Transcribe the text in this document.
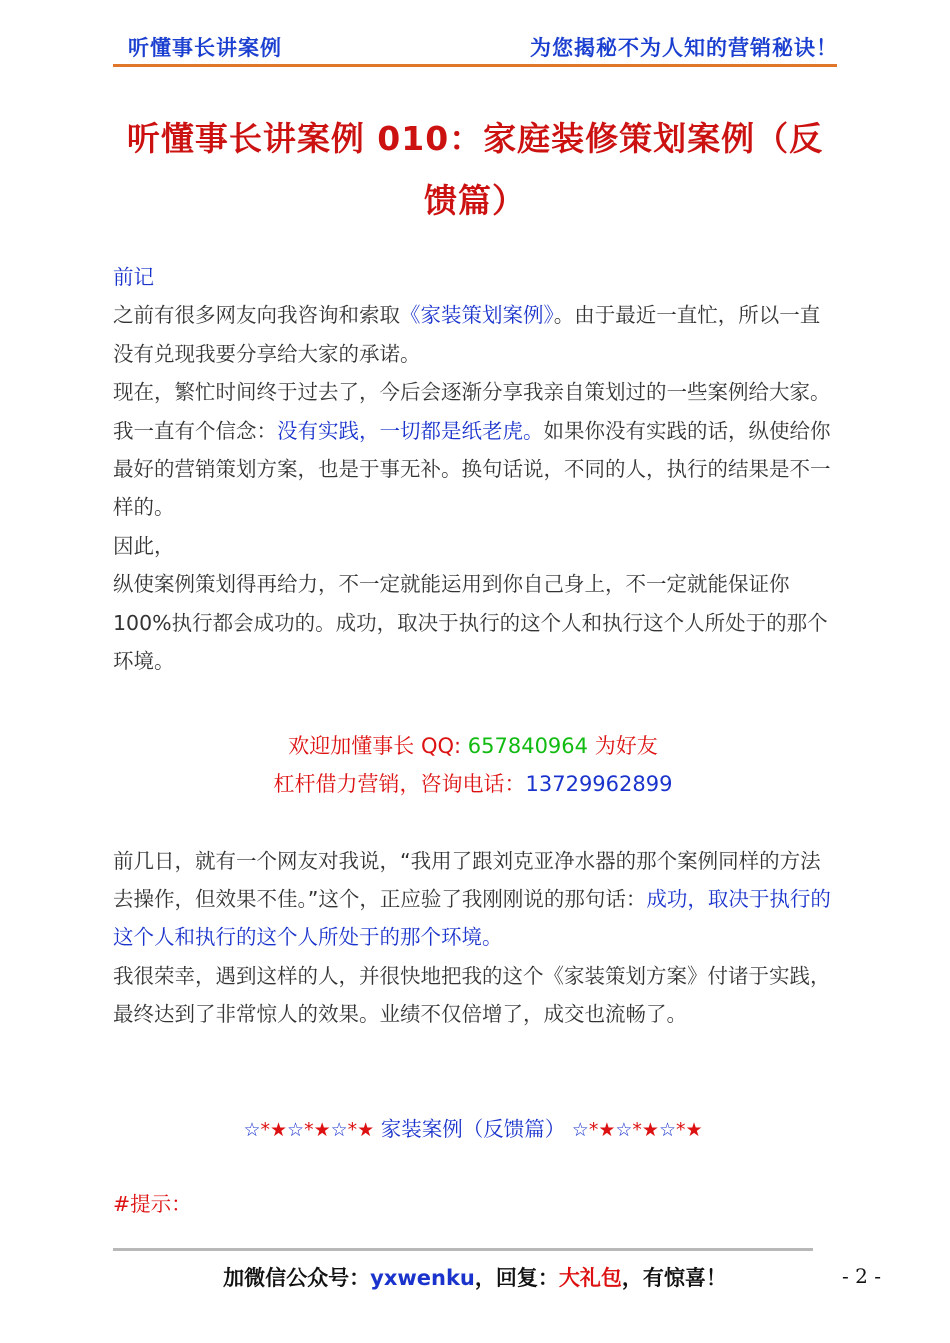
听懂事长讲案例	为您揭秘不为人知的营销秘诀！
听懂事长讲案例 010：家庭装修策划案例（反馈篇）

前记

之前有很多网友向我咨询和索取《家装策划案例》。由于最近一直忙，所以一直没有兑现我要分享给大家的承诺。

现在，繁忙时间终于过去了，今后会逐渐分享我亲自策划过的一些案例给大家。

我一直有个信念：没有实践，一切都是纸老虎。如果你没有实践的话，纵使给你最好的营销策划方案，也是于事无补。换句话说，不同的人，执行的结果是不一样的。

因此，

纵使案例策划得再给力，不一定就能运用到你自己身上，不一定就能保证你 100%执行都会成功的。成功，取决于执行的这个人和执行这个人所处于的那个环境。

欢迎加懂事长 QQ: 657840964 为好友

杠杆借力营销，咨询电话：13729962899

前几日，就有一个网友对我说，“我用了跟刘克亚净水器的那个案例同样的方法去操作，但效果不佳。”这个，正应验了我刚刚说的那句话：成功，取决于执行的这个人和执行的这个人所处于的那个环境。

我很荣幸，遇到这样的人，并很快地把我的这个《家装策划方案》付诸于实践，最终达到了非常惊人的效果。业绩不仅倍增了，成交也流畅了。

☆*★☆*★☆*★ 家装案例（反馈篇） ☆*★☆*★☆*★

#提示：

加微信公众号：yxwenku，回复：大礼包，有惊喜！	- 2 -
